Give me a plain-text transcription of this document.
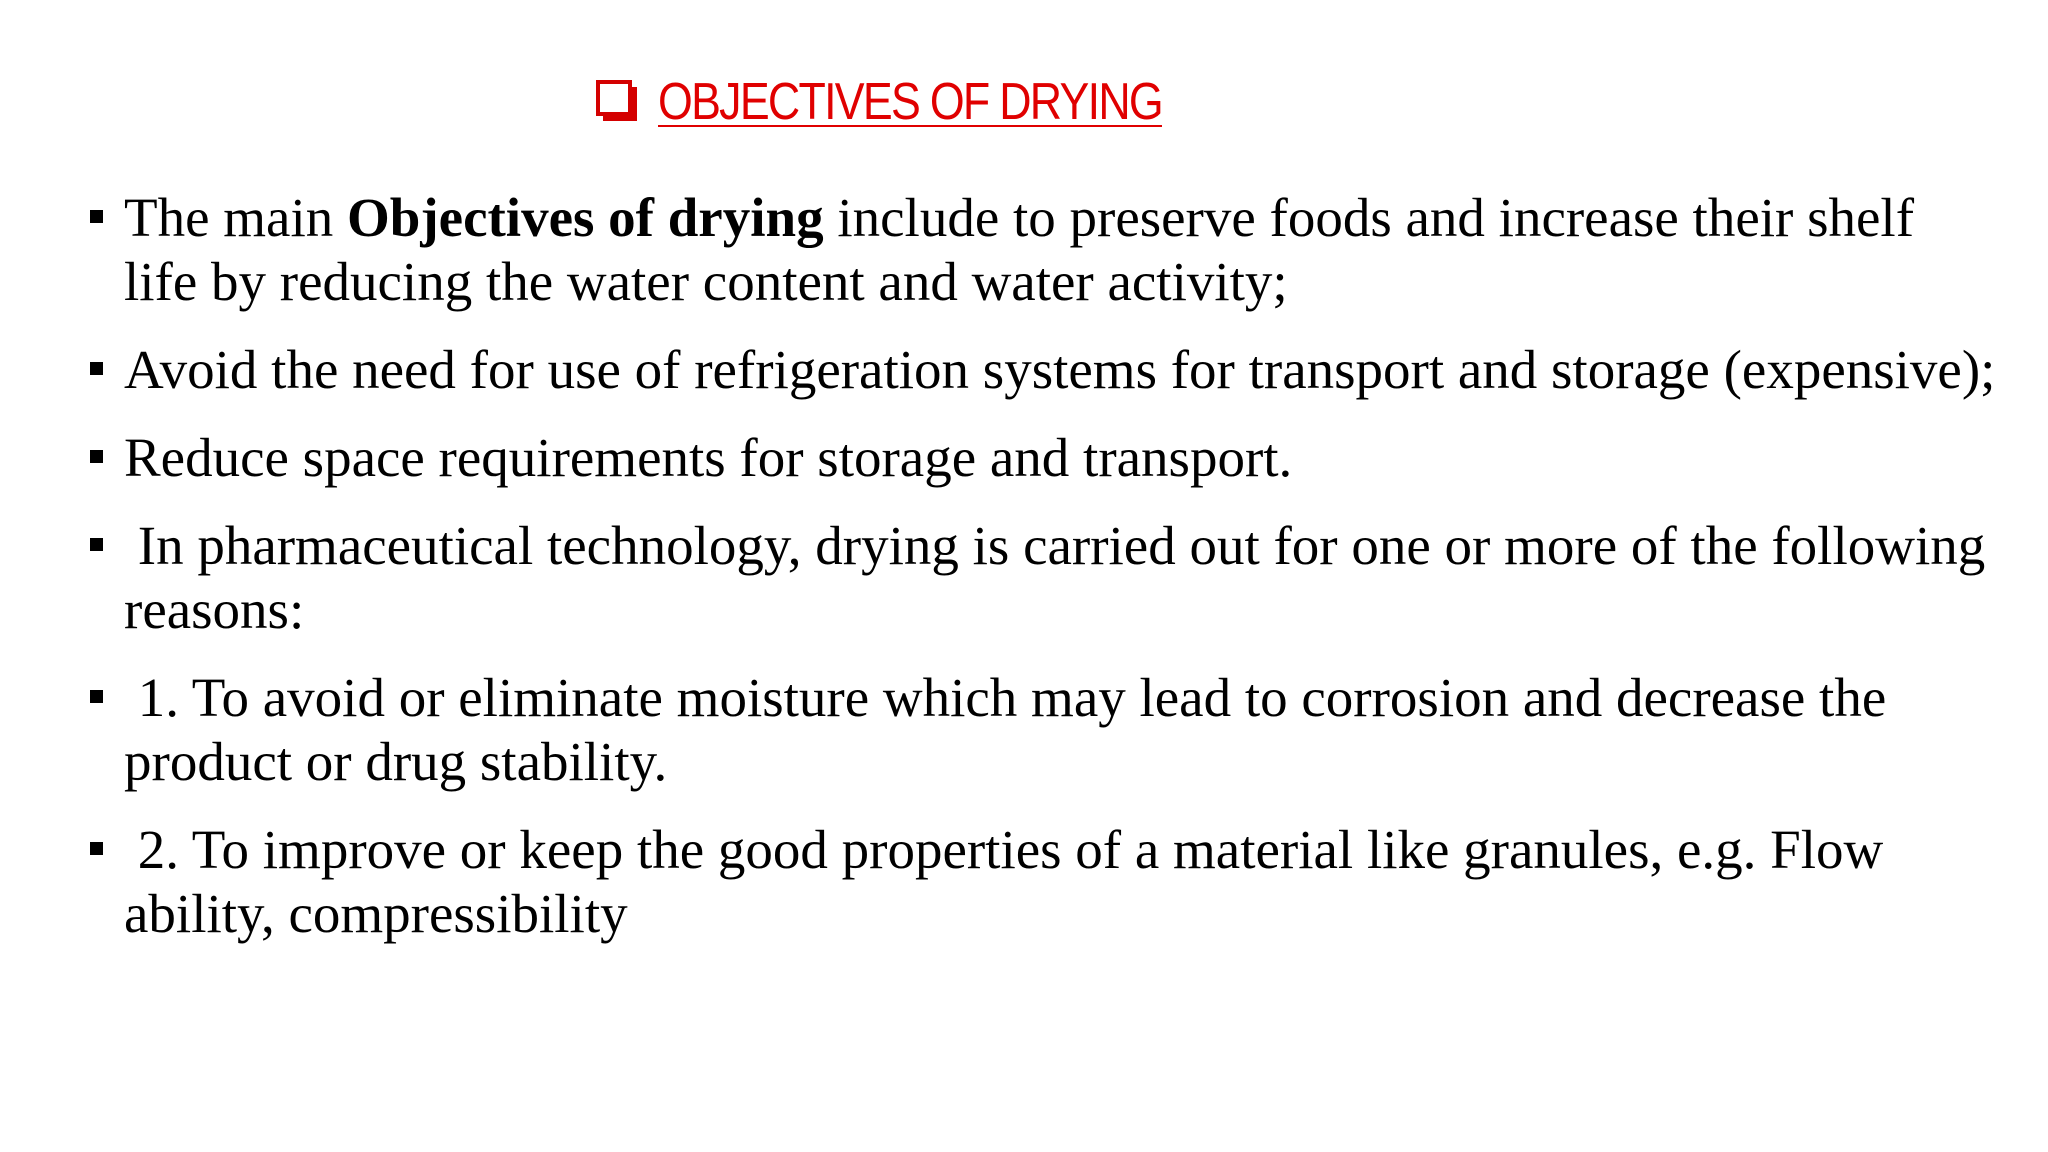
OBJECTIVES OF DRYING
The main Objectives of drying include to preserve foods and increase their shelf life by reducing the water content and water activity;
Avoid the need for use of refrigeration systems for transport and storage (expensive);
Reduce space requirements for storage and transport.
In pharmaceutical technology, drying is carried out for one or more of the following reasons:
1. To avoid or eliminate moisture which may lead to corrosion and decrease the product or drug stability.
2. To improve or keep the good properties of a material like granules, e.g. Flow ability, compressibility
